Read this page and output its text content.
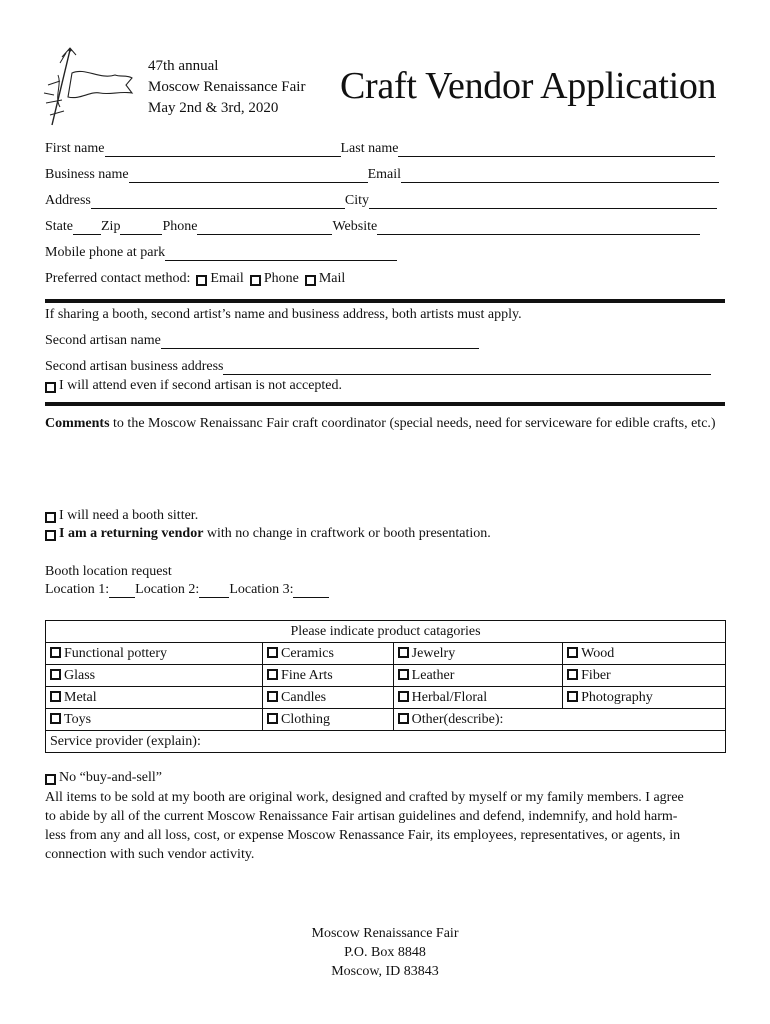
47th annual
Moscow Renaissance Fair
May 2nd & 3rd, 2020
Craft Vendor Application
First name	Last name
Business name	Email
Address	City
State Zip	Phone	Website
Mobile phone at park
Preferred contact method: Email Phone Mail
If sharing a booth, second artist’s name and business address, both artists must apply.
Second artisan name
Second artisan business address
I will attend even if second artisan is not accepted.
Comments to the Moscow Renaissanc Fair craft coordinator (special needs, need for serviceware for edible crafts, etc.)
I will need a booth sitter.
I am a returning vendor with no change in craftwork or booth presentation.
Booth location request
Location 1: Location 2: Location 3:
Please indicate product catagories			
Functional pottery	Ceramics	Jewelry	Wood
Glass	Fine Arts	Leather	Fiber
Metal	Candles	Herbal/Floral	Photography
Toys	Clothing	Other(describe):	
Service provider (explain):			
No “buy-and-sell”
All items to be sold at my booth are original work, designed and crafted by myself or my family members. I agree
to abide by all of the current Moscow Renaissance Fair artisan guidelines and defend, indemnify, and hold harm-
less from any and all loss, cost, or expense Moscow Renassance Fair, its employees, representatives, or agents, in
connection with such vendor activity.
Moscow Renaissance Fair
P.O. Box 8848
Moscow, ID 83843
